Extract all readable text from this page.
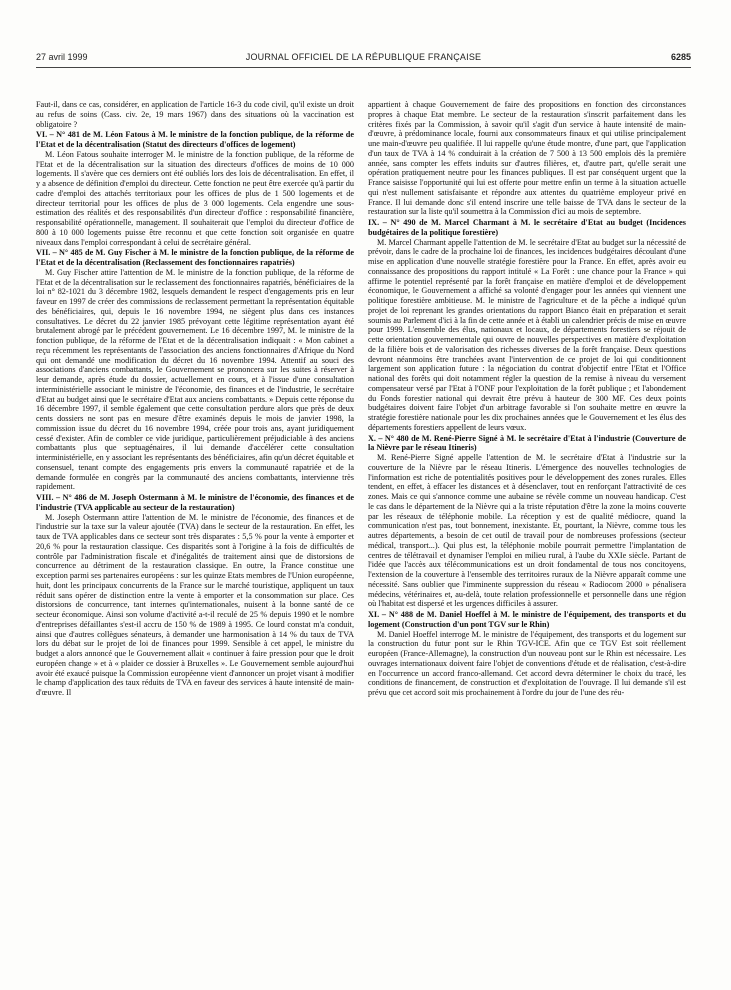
27 avril 1999	JOURNAL OFFICIEL DE LA RÉPUBLIQUE FRANÇAISE	6285

Faut-il, dans ce cas, considérer, en application de l'article 16-3 du code civil, qu'il existe un droit au refus de soins (Cass. civ. 2e, 19 mars 1967) dans des situations où la vaccination est obligatoire ?

VI. – N° 481 de M. Léon Fatous à M. le ministre de la fonction publique, de la réforme de l'Etat et de la décentralisation (Statut des directeurs d'offices de logement)

M. Léon Fatous souhaite interroger M. le ministre de la fonction publique, de la réforme de l'Etat et de la décentralisation sur la situation des directeurs d'offices de moins de 10 000 logements. Il s'avère que ces derniers ont été oubliés lors des lois de décentralisation. En effet, il y a absence de définition d'emploi du directeur. Cette fonction ne peut être exercée qu'à partir du cadre d'emploi des attachés territoriaux pour les offices de plus de 1 500 logements et de directeur territorial pour les offices de plus de 3 000 logements. Cela engendre une sous-estimation des réalités et des responsabilités d'un directeur d'office : responsabilité financière, responsabilité opérationnelle, management. Il souhaiterait que l'emploi du directeur d'office de 800 à 10 000 logements puisse être reconnu et que cette fonction soit organisée en quatre niveaux dans l'emploi correspondant à celui de secrétaire général.

VII. – N° 485 de M. Guy Fischer à M. le ministre de la fonction publique, de la réforme de l'Etat et de la décentralisation (Reclassement des fonctionnaires rapatriés)

M. Guy Fischer attire l'attention de M. le ministre de la fonction publique, de la réforme de l'Etat et de la décentralisation sur le reclassement des fonctionnaires rapatriés, bénéficiaires de la loi n° 82-1021 du 3 décembre 1982, lesquels demandent le respect d'engagements pris en leur faveur en 1997 de créer des commissions de reclassement permettant la représentation équitable des bénéficiaires, qui, depuis le 16 novembre 1994, ne siègent plus dans ces instances consultatives. Le décret du 22 janvier 1985 prévoyant cette légitime représentation ayant été brutalement abrogé par le précédent gouvernement. Le 16 décembre 1997, M. le ministre de la fonction publique, de la réforme de l'Etat et de la décentralisation indiquait : « Mon cabinet a reçu récemment les représentants de l'association des anciens fonctionnaires d'Afrique du Nord qui ont demandé une modification du décret du 16 novembre 1994. Attentif au souci des associations d'anciens combattants, le Gouvernement se prononcera sur les suites à réserver à leur demande, après étude du dossier, actuellement en cours, et à l'issue d'une consultation interministérielle associant le ministre de l'économie, des finances et de l'industrie, le secrétaire d'Etat au budget ainsi que le secrétaire d'Etat aux anciens combattants. » Depuis cette réponse du 16 décembre 1997, il semble également que cette consultation perdure alors que près de deux cents dossiers ne sont pas en mesure d'être examinés depuis le mois de janvier 1998, la commission issue du décret du 16 novembre 1994, créée pour trois ans, ayant juridiquement cessé d'exister. Afin de combler ce vide juridique, particulièrement préjudiciable à des anciens combattants plus que septuagénaires, il lui demande d'accélérer cette consultation interministérielle, en y associant les représentants des bénéficiaires, afin qu'un décret équitable et consensuel, tenant compte des engagements pris envers la communauté rapatriée et de la demande formulée en congrès par la communauté des anciens combattants, intervienne très rapidement.

VIII. – N° 486 de M. Joseph Ostermann à M. le ministre de l'économie, des finances et de l'industrie (TVA applicable au secteur de la restauration)

M. Joseph Ostermann attire l'attention de M. le ministre de l'économie, des finances et de l'industrie sur la taxe sur la valeur ajoutée (TVA) dans le secteur de la restauration. En effet, les taux de TVA applicables dans ce secteur sont très disparates : 5,5 % pour la vente à emporter et 20,6 % pour la restauration classique. Ces disparités sont à l'origine à la fois de difficultés de contrôle par l'administration fiscale et d'inégalités de traitement ainsi que de distorsions de concurrence au détriment de la restauration classique. En outre, la France constitue une exception parmi ses partenaires européens : sur les quinze Etats membres de l'Union européenne, huit, dont les principaux concurrents de la France sur le marché touristique, appliquent un taux réduit sans opérer de distinction entre la vente à emporter et la consommation sur place. Ces distorsions de concurrence, tant internes qu'internationales, nuisent à la bonne santé de ce secteur économique. Ainsi son volume d'activité a-t-il reculé de 25 % depuis 1990 et le nombre d'entreprises défaillantes s'est-il accru de 150 % de 1989 à 1995. Ce lourd constat m'a conduit, ainsi que d'autres collègues sénateurs, à demander une harmonisation à 14 % du taux de TVA lors du débat sur le projet de loi de finances pour 1999. Sensible à cet appel, le ministre du budget a alors annoncé que le Gouvernement allait « continuer à faire pression pour que le droit européen change » et à « plaider ce dossier à Bruxelles ». Le Gouvernement semble aujourd'hui avoir été exaucé puisque la Commission européenne vient d'annoncer un projet visant à modifier le champ d'application des taux réduits de TVA en faveur des services à haute intensité de main-d'œuvre. Il

appartient à chaque Gouvernement de faire des propositions en fonction des circonstances propres à chaque Etat membre. Le secteur de la restauration s'inscrit parfaitement dans les critères fixés par la Commission, à savoir qu'il s'agit d'un service à haute intensité de main-d'œuvre, à prédominance locale, fourni aux consommateurs finaux et qui utilise principalement une main-d'œuvre peu qualifiée. Il lui rappelle qu'une étude montre, d'une part, que l'application d'un taux de TVA à 14 % conduirait à la création de 7 500 à 13 500 emplois dès la première année, sans compter les effets induits sur d'autres filières, et, d'autre part, qu'elle serait une opération pratiquement neutre pour les finances publiques. Il est par conséquent urgent que la France saisisse l'opportunité qui lui est offerte pour mettre enfin un terme à la situation actuelle qui n'est nullement satisfaisante et répondre aux attentes du quatrième employeur privé en France. Il lui demande donc s'il entend inscrire une telle baisse de TVA dans le secteur de la restauration sur la liste qu'il soumettra à la Commission d'ici au mois de septembre.

IX. – N° 490 de M. Marcel Charmant à M. le secrétaire d'Etat au budget (Incidences budgétaires de la politique forestière)

M. Marcel Charmant appelle l'attention de M. le secrétaire d'Etat au budget sur la nécessité de prévoir, dans le cadre de la prochaine loi de finances, les incidences budgétaires découlant d'une mise en application d'une nouvelle stratégie forestière pour la France. En effet, après avoir eu connaissance des propositions du rapport intitulé « La Forêt : une chance pour la France » qui affirme le potentiel représenté par la forêt française en matière d'emploi et de développement économique, le Gouvernement a affiché sa volonté d'engager pour les années qui viennent une politique forestière ambitieuse. M. le ministre de l'agriculture et de la pêche a indiqué qu'un projet de loi reprenant les grandes orientations du rapport Bianco était en préparation et serait soumis au Parlement d'ici à la fin de cette année et à établi un calendrier précis de mise en œuvre pour 1999. L'ensemble des élus, nationaux et locaux, de départements forestiers se réjouit de cette orientation gouvernementale qui ouvre de nouvelles perspectives en matière d'exploitation de la filière bois et de valorisation des richesses diverses de la forêt française. Deux questions devront néanmoins être tranchées avant l'intervention de ce projet de loi qui conditionnent largement son application future : la négociation du contrat d'objectif entre l'Etat et l'Office national des forêts qui doit notamment régler la question de la remise à niveau du versement compensateur versé par l'Etat à l'ONF pour l'exploitation de la forêt publique ; et l'abondement du Fonds forestier national qui devrait être prévu à hauteur de 300 MF. Ces deux points budgétaires doivent faire l'objet d'un arbitrage favorable si l'on souhaite mettre en œuvre la stratégie forestière nationale pour les dix prochaines années que le Gouvernement et les élus des départements forestiers appellent de leurs vœux.

X. – N° 480 de M. René-Pierre Signé à M. le secrétaire d'Etat à l'industrie (Couverture de la Nièvre par le réseau Itineris)

M. René-Pierre Signé appelle l'attention de M. le secrétaire d'Etat à l'industrie sur la couverture de la Nièvre par le réseau Itineris. L'émergence des nouvelles technologies de l'information est riche de potentialités positives pour le développement des zones rurales. Elles tendent, en effet, à effacer les distances et à désenclaver, tout en renforçant l'attractivité de ces zones. Mais ce qui s'annonce comme une aubaine se révèle comme un nouveau handicap. C'est le cas dans le département de la Nièvre qui a la triste réputation d'être la zone la moins couverte par les réseaux de téléphonie mobile. La réception y est de qualité médiocre, quand la communication n'est pas, tout bonnement, inexistante. Et, pourtant, la Nièvre, comme tous les autres départements, a besoin de cet outil de travail pour de nombreuses professions (secteur médical, transport...). Qui plus est, la téléphonie mobile pourrait permettre l'implantation de centres de télétravail et dynamiser l'emploi en milieu rural, à l'aube du XXIe siècle. Partant de l'idée que l'accès aux télécommunications est un droit fondamental de tous nos concitoyens, l'extension de la couverture à l'ensemble des territoires ruraux de la Nièvre apparaît comme une nécessité. Sans oublier que l'imminente suppression du réseau « Radiocom 2000 » pénalisera médecins, vétérinaires et, au-delà, toute relation professionnelle et personnelle dans une région où l'habitat est dispersé et les urgences difficiles à assurer.

XI. – N° 488 de M. Daniel Hoeffel à M. le ministre de l'équipement, des transports et du logement (Construction d'un pont TGV sur le Rhin)

M. Daniel Hoeffel interroge M. le ministre de l'équipement, des transports et du logement sur la construction du futur pont sur le Rhin TGV-ICE. Afin que ce TGV Est soit réellement européen (France-Allemagne), la construction d'un nouveau pont sur le Rhin est nécessaire. Les ouvrages internationaux doivent faire l'objet de conventions d'étude et de réalisation, c'est-à-dire en l'occurrence un accord franco-allemand. Cet accord devra déterminer le choix du tracé, les conditions de financement, de construction et d'exploitation de l'ouvrage. Il lui demande s'il est prévu que cet accord soit mis prochainement à l'ordre du jour de l'une des réu-
